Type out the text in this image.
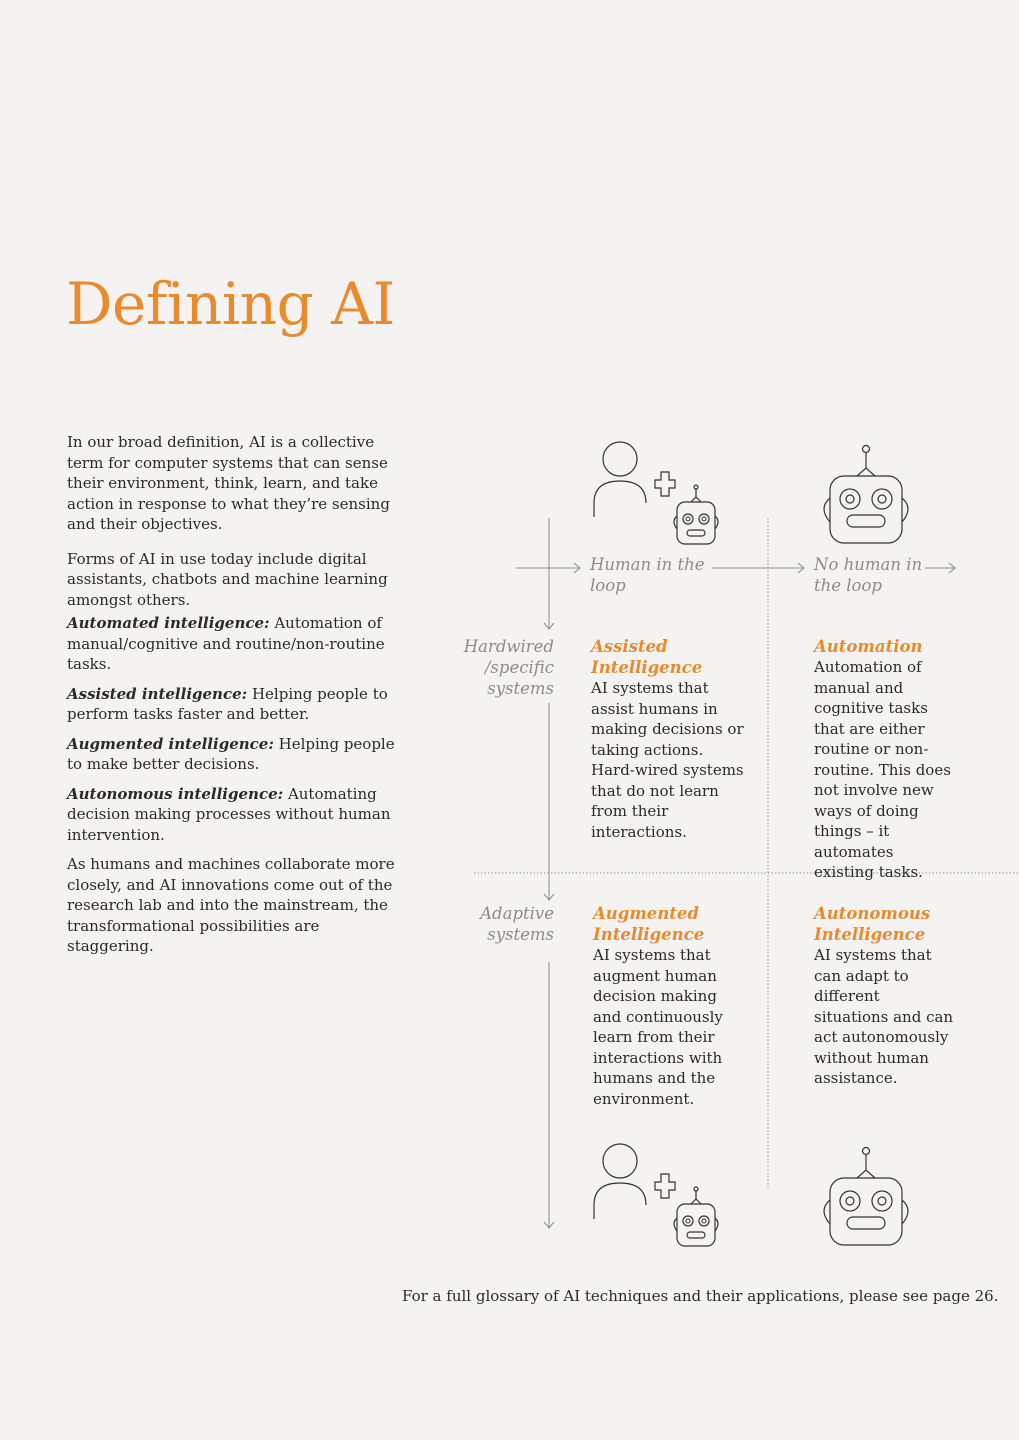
Defining AI

In our broad definition, AI is a collective term for computer systems that can sense their environment, think, learn, and take action in response to what they’re sensing and their objectives.

Forms of AI in use today include digital assistants, chatbots and machine learning amongst others.

Automated intelligence: Automation of manual/cognitive and routine/non-routine tasks.

Assisted intelligence: Helping people to perform tasks faster and better.

Augmented intelligence: Helping people to make better decisions.

Autonomous intelligence: Automating decision making processes without human intervention.

As humans and machines collaborate more closely, and AI innovations come out of the research lab and into the mainstream, the transformational possibilities are staggering.

Human in the
loop
No human in
the loop
Hardwired
/specific
systems
Adaptive
systems
Assisted
Intelligence
AI systems that assist humans in making decisions or taking actions. Hard-wired systems that do not learn from their interactions.
Automation
Automation of manual and cognitive tasks that are either routine or non-routine. This does not involve new ways of doing things – it automates existing tasks.
Augmented
Intelligence
AI systems that augment human decision making and continuously learn from their interactions with humans and the environment.
Autonomous
Intelligence
AI systems that can adapt to different situations and can act autonomously without human assistance.
For a full glossary of AI techniques and their applications, please see page 26.
